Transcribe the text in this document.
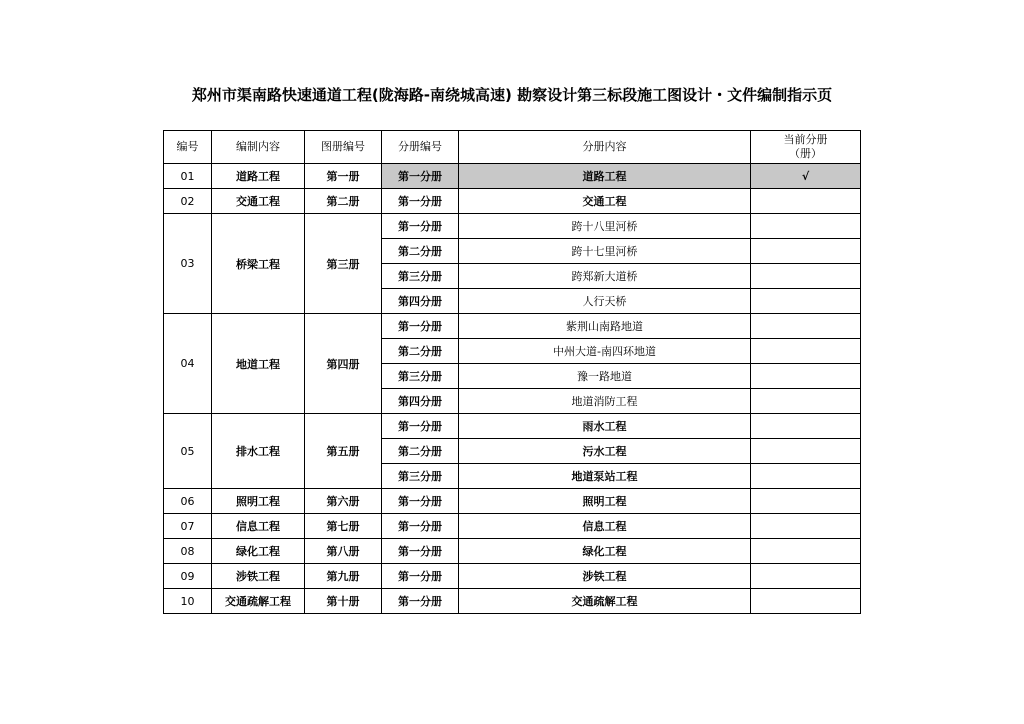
郑州市渠南路快速通道工程(陇海路-南绕城高速) 勘察设计第三标段施工图设计・文件编制指示页
编号	编制内容	图册编号	分册编号	分册内容	当前分册
（册）
01	道路工程	第一册	第一分册	道路工程	√
02	交通工程	第二册	第一分册	交通工程	
03	桥梁工程	第三册	第一分册	跨十八里河桥	
			第二分册	跨十七里河桥	
			第三分册	跨郑新大道桥	
			第四分册	人行天桥	
04	地道工程	第四册	第一分册	紫荆山南路地道	
			第二分册	中州大道-南四环地道	
			第三分册	豫一路地道	
			第四分册	地道消防工程	
05	排水工程	第五册	第一分册	雨水工程	
			第二分册	污水工程	
			第三分册	地道泵站工程	
06	照明工程	第六册	第一分册	照明工程	
07	信息工程	第七册	第一分册	信息工程	
08	绿化工程	第八册	第一分册	绿化工程	
09	涉铁工程	第九册	第一分册	涉铁工程	
10	交通疏解工程	第十册	第一分册	交通疏解工程	
